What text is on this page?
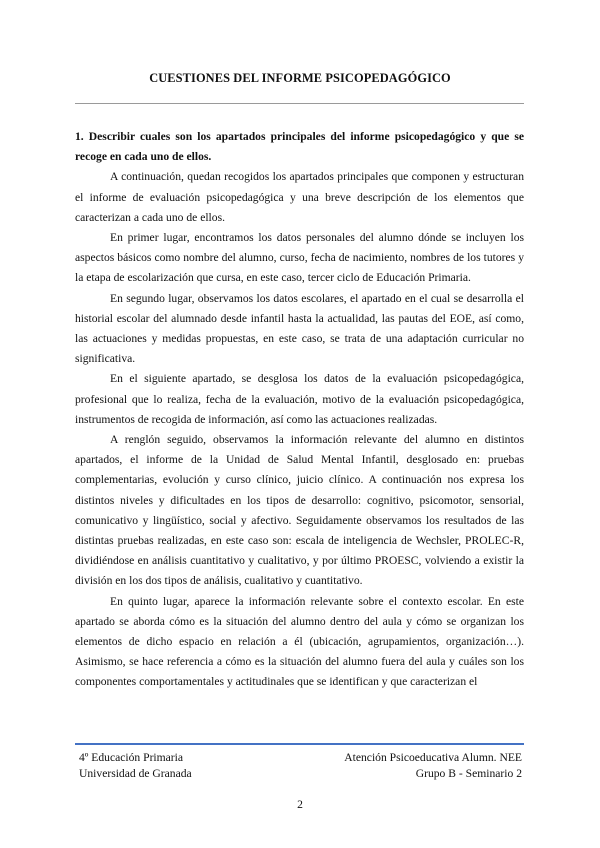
CUESTIONES DEL INFORME PSICOPEDAGÓGICO

1. Describir cuales son los apartados principales del informe psicopedagógico y que se recoge en cada uno de ellos.

A continuación, quedan recogidos los apartados principales que componen y estructuran el informe de evaluación psicopedagógica y una breve descripción de los elementos que caracterizan a cada uno de ellos.

En primer lugar, encontramos los datos personales del alumno dónde se incluyen los aspectos básicos como nombre del alumno, curso, fecha de nacimiento, nombres de los tutores y la etapa de escolarización que cursa, en este caso, tercer ciclo de Educación Primaria.

En segundo lugar, observamos los datos escolares, el apartado en el cual se desarrolla el historial escolar del alumnado desde infantil hasta la actualidad, las pautas del EOE, así como, las actuaciones y medidas propuestas, en este caso, se trata de una adaptación curricular no significativa.

En el siguiente apartado, se desglosa los datos de la evaluación psicopedagógica, profesional que lo realiza, fecha de la evaluación, motivo de la evaluación psicopedagógica, instrumentos de recogida de información, así como las actuaciones realizadas.

A renglón seguido, observamos la información relevante del alumno en distintos apartados, el informe de la Unidad de Salud Mental Infantil, desglosado en: pruebas complementarias, evolución y curso clínico, juicio clínico. A continuación nos expresa los distintos niveles y dificultades en los tipos de desarrollo: cognitivo, psicomotor, sensorial, comunicativo y lingüístico, social y afectivo. Seguidamente observamos los resultados de las distintas pruebas realizadas, en este caso son: escala de inteligencia de Wechsler, PROLEC-R, dividiéndose en análisis cuantitativo y cualitativo, y por último PROESC, volviendo a existir la división en los dos tipos de análisis, cualitativo y cuantitativo.

En quinto lugar, aparece la información relevante sobre el contexto escolar. En este apartado se aborda cómo es la situación del alumno dentro del aula y cómo se organizan los elementos de dicho espacio en relación a él (ubicación, agrupamientos, organización…). Asimismo, se hace referencia a cómo es la situación del alumno fuera del aula y cuáles son los componentes comportamentales y actitudinales que se identifican y que caracterizan el

4º Educación Primaria
Universidad de Granada
Atención Psicoeducativa Alumn. NEE
Grupo B - Seminario 2
2
